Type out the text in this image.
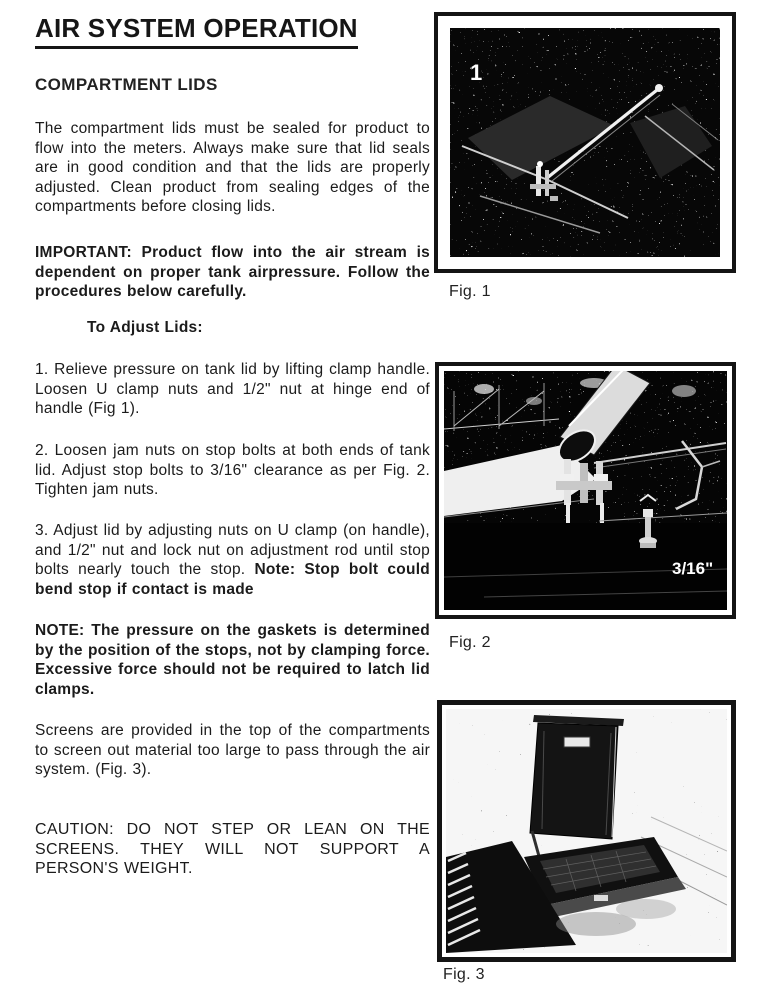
AIR SYSTEM OPERATION
COMPARTMENT LIDS

The compartment lids must be sealed for product to flow into the meters. Always make sure that lid seals are in good condition and that the lids are properly adjusted. Clean product from sealing edges of the compartments before closing lids.

IMPORTANT: Product flow into the air stream is dependent on proper tank airpressure. Follow the procedures below carefully.

To Adjust Lids:

1. Relieve pressure on tank lid by lifting clamp handle. Loosen U clamp nuts and 1/2" nut at hinge end of handle (Fig 1).

2. Loosen jam nuts on stop bolts at both ends of tank lid. Adjust stop bolts to 3/16" clearance as per Fig. 2. Tighten jam nuts.

3. Adjust lid by adjusting nuts on U clamp (on handle), and 1/2" nut and lock nut on adjustment rod until stop bolts nearly touch the stop. Note: Stop bolt could bend stop if contact is made

NOTE: The pressure on the gaskets is determined by the position of the stops, not by clamping force. Excessive force should not be required to latch lid clamps.

Screens are provided in the top of the compartments to screen out material too large to pass through the air system. (Fig. 3).

CAUTION: DO NOT STEP OR LEAN ON THE SCREENS. THEY WILL NOT SUPPORT A PERSON'S WEIGHT.

1

Fig. 1

3/16"

Fig. 2

Fig. 3
